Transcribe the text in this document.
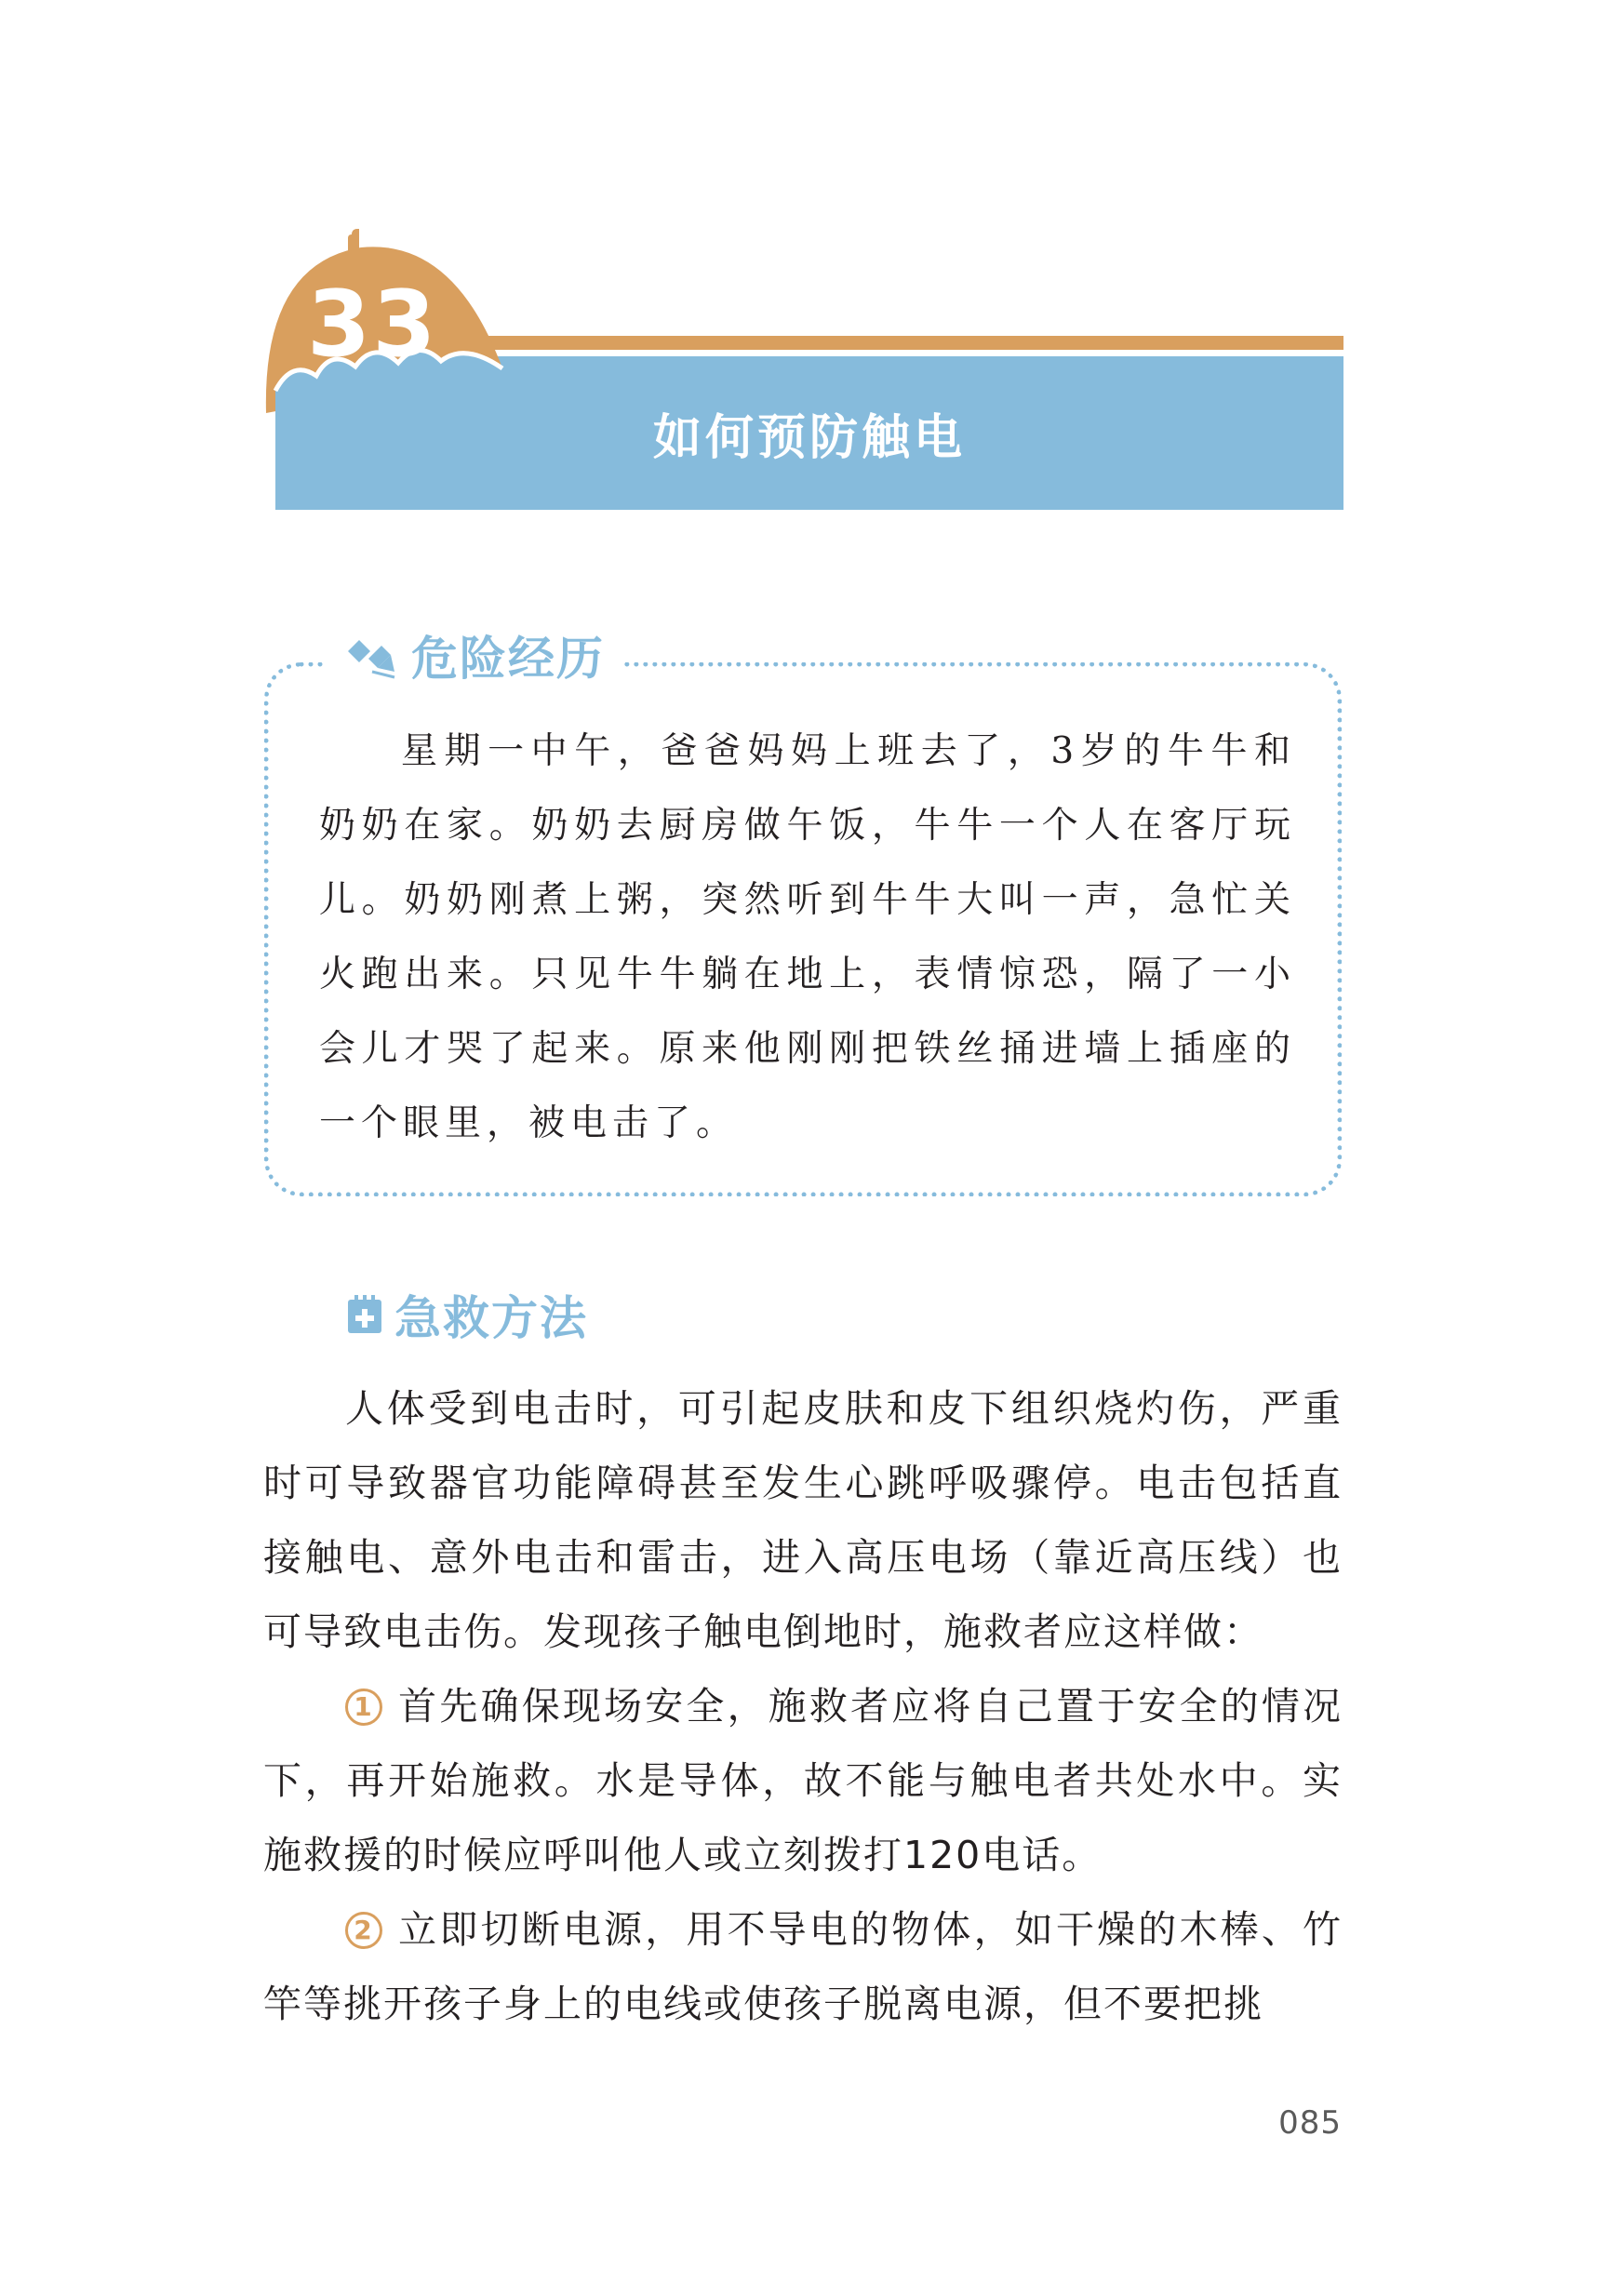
33
如何预防触电
危险经历

星期一中午，爸爸妈妈上班去了，3岁的牛牛和奶奶在家。奶奶去厨房做午饭，牛牛一个人在客厅玩儿。奶奶刚煮上粥，突然听到牛牛大叫一声，急忙关火跑出来。只见牛牛躺在地上，表情惊恐，隔了一小会儿才哭了起来。原来他刚刚把铁丝捅进墙上插座的一个眼里，被电击了。

急救方法

人体受到电击时，可引起皮肤和皮下组织烧灼伤，严重时可导致器官功能障碍甚至发生心跳呼吸骤停。电击包括直接触电、意外电击和雷击，进入高压电场（靠近高压线）也可导致电击伤。发现孩子触电倒地时，施救者应这样做：

1 首先确保现场安全，施救者应将自己置于安全的情况下，再开始施救。水是导体，故不能与触电者共处水中。实施救援的时候应呼叫他人或立刻拨打120电话。

2 立即切断电源，用不导电的物体，如干燥的木棒、竹竿等挑开孩子身上的电线或使孩子脱离电源，但不要把挑

085
